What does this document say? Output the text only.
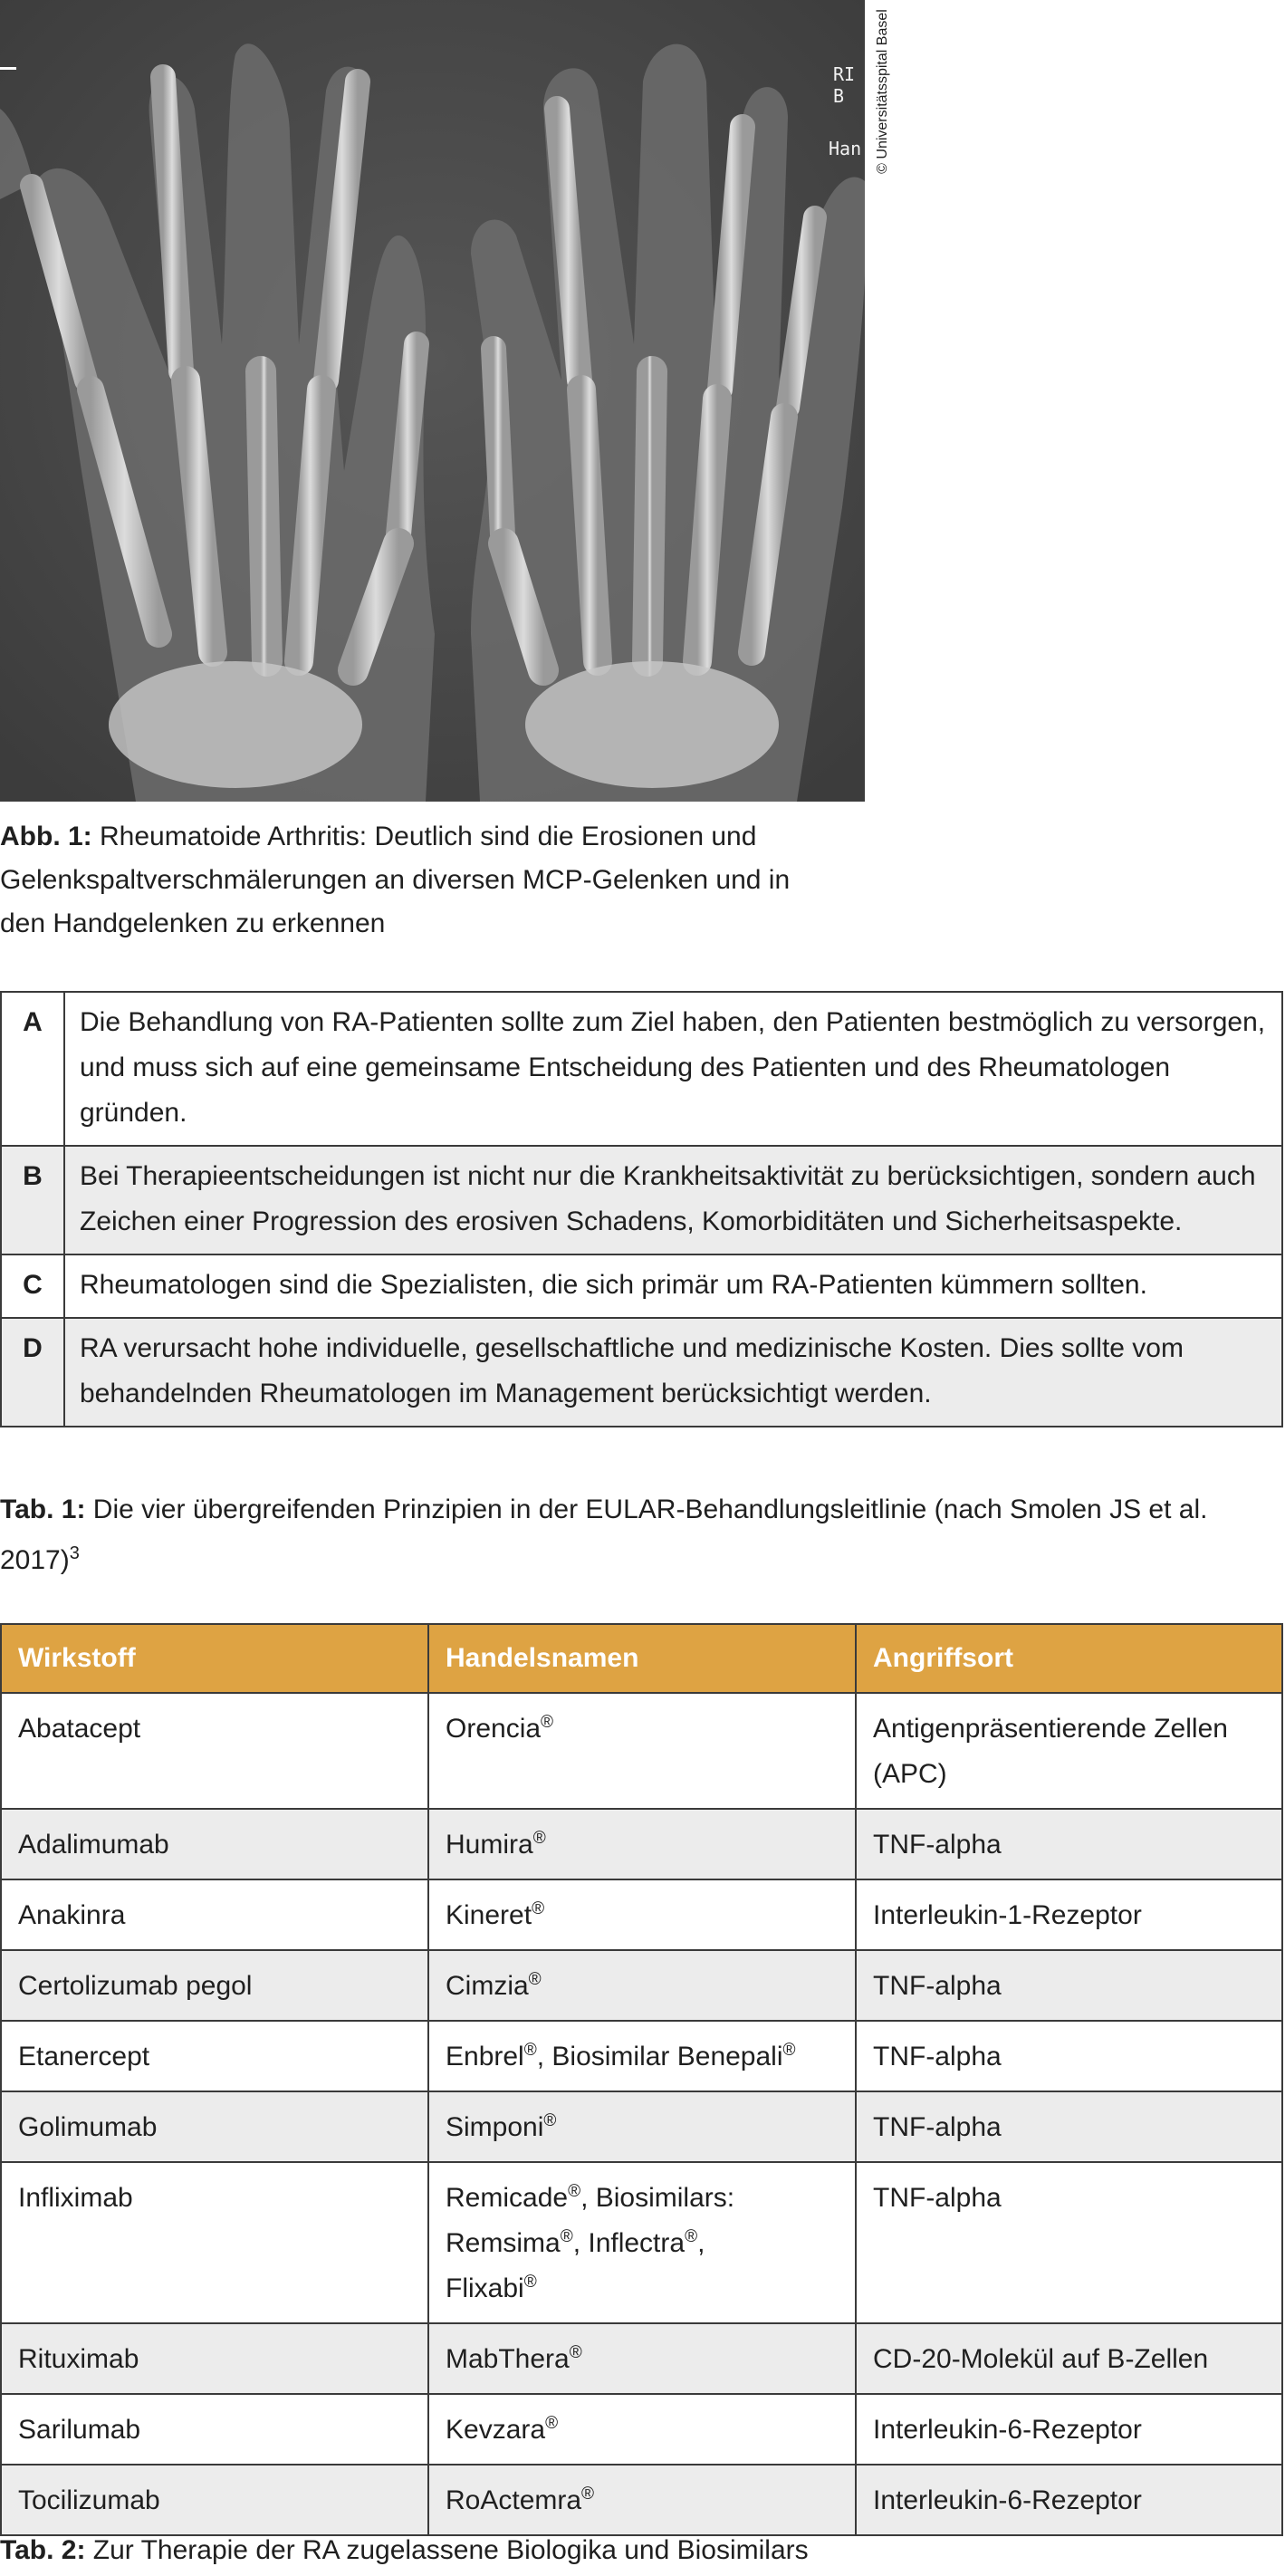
RI B
Han © Universitätsspital Basel
Abb. 1: Rheumatoide Arthritis: Deutlich sind die Erosionen und
Gelenkspaltverschmälerungen an diversen MCP-Gelenken und in
den Handgelenken zu erkennen
A	Die Behandlung von RA-Patienten sollte zum Ziel haben, den Patienten bestmöglich zu versorgen, und muss sich auf eine gemeinsame Entscheidung des Patienten und des Rheumatologen gründen.
B	Bei Therapieentscheidungen ist nicht nur die Krankheitsaktivität zu berücksichtigen, sondern auch Zeichen einer Progression des erosiven Schadens, Komorbiditäten und Sicherheitsaspekte.
C	Rheumatologen sind die Spezialisten, die sich primär um RA-Patienten kümmern sollten.
D	RA verursacht hohe individuelle, gesellschaftliche und medizinische Kosten. Dies sollte vom behandelnden Rheumatologen im Management berücksichtigt werden.
Tab. 1: Die vier übergreifenden Prinzipien in der EULAR-Behandlungsleitlinie (nach Smolen JS et al.
2017)$^3$
Wirkstoff	Handelsnamen	Angriffsort
Abatacept	Orencia®	Antigenpräsentierende Zellen
(APC)
Adalimumab	Humira®	TNF-alpha
Anakinra	Kineret®	Interleukin-1-Rezeptor
Certolizumab pegol	Cimzia®	TNF-alpha
Etanercept	Enbrel®, Biosimilar Benepali®	TNF-alpha
Golimumab	Simponi®	TNF-alpha
Infliximab	Remicade®, Biosimilars:
Remsima®, Inflectra®,
Flixabi®	TNF-alpha
Rituximab	MabThera®	CD-20-Molekül auf B-Zellen
Sarilumab	Kevzara®	Interleukin-6-Rezeptor
Tocilizumab	RoActemra®	Interleukin-6-Rezeptor
Tab. 2: Zur Therapie der RA zugelassene Biologika und Biosimilars
